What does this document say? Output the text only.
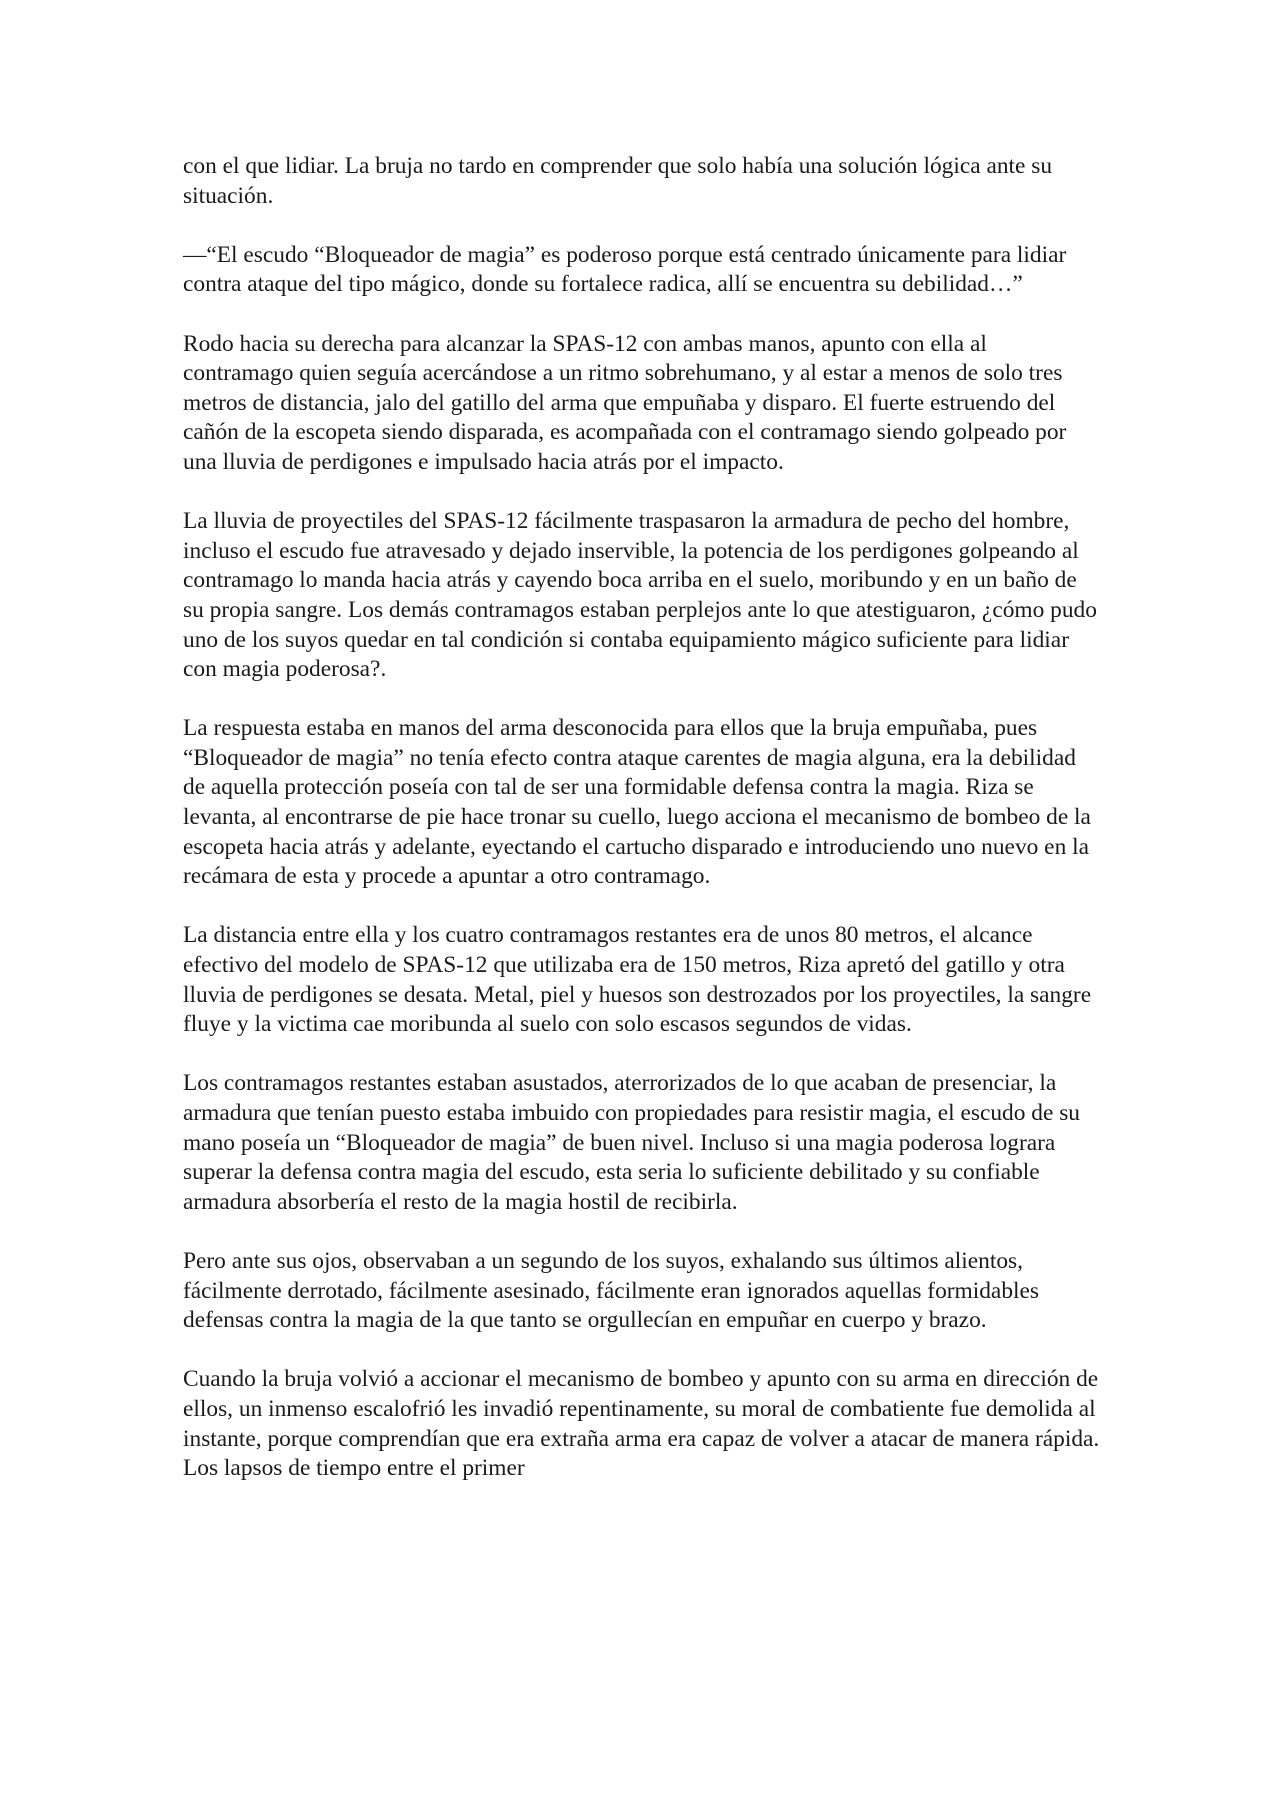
con el que lidiar. La bruja no tardo en comprender que solo había una solución lógica ante su situación.

—“El escudo “Bloqueador de magia” es poderoso porque está centrado únicamente para lidiar contra ataque del tipo mágico, donde su fortalece radica, allí se encuentra su debilidad…”

Rodo hacia su derecha para alcanzar la SPAS-12 con ambas manos, apunto con ella al contramago quien seguía acercándose a un ritmo sobrehumano, y al estar a menos de solo tres metros de distancia, jalo del gatillo del arma que empuñaba y disparo. El fuerte estruendo del cañón de la escopeta siendo disparada, es acompañada con el contramago siendo golpeado por una lluvia de perdigones e impulsado hacia atrás por el impacto.

La lluvia de proyectiles del SPAS-12 fácilmente traspasaron la armadura de pecho del hombre, incluso el escudo fue atravesado y dejado inservible, la potencia de los perdigones golpeando al contramago lo manda hacia atrás y cayendo boca arriba en el suelo, moribundo y en un baño de su propia sangre. Los demás contramagos estaban perplejos ante lo que atestiguaron, ¿cómo pudo uno de los suyos quedar en tal condición si contaba equipamiento mágico suficiente para lidiar con magia poderosa?.

La respuesta estaba en manos del arma desconocida para ellos que la bruja empuñaba, pues “Bloqueador de magia” no tenía efecto contra ataque carentes de magia alguna, era la debilidad de aquella protección poseía con tal de ser una formidable defensa contra la magia. Riza se levanta, al encontrarse de pie hace tronar su cuello, luego acciona el mecanismo de bombeo de la escopeta hacia atrás y adelante, eyectando el cartucho disparado e introduciendo uno nuevo en la recámara de esta y procede a apuntar a otro contramago.

La distancia entre ella y los cuatro contramagos restantes era de unos 80 metros, el alcance efectivo del modelo de SPAS-12 que utilizaba era de 150 metros, Riza apretó del gatillo y otra lluvia de perdigones se desata. Metal, piel y huesos son destrozados por los proyectiles, la sangre fluye y la victima cae moribunda al suelo con solo escasos segundos de vidas.

Los contramagos restantes estaban asustados, aterrorizados de lo que acaban de presenciar, la armadura que tenían puesto estaba imbuido con propiedades para resistir magia, el escudo de su mano poseía un “Bloqueador de magia” de buen nivel. Incluso si una magia poderosa lograra superar la defensa contra magia del escudo, esta seria lo suficiente debilitado y su confiable armadura absorbería el resto de la magia hostil de recibirla.

Pero ante sus ojos, observaban a un segundo de los suyos, exhalando sus últimos alientos, fácilmente derrotado, fácilmente asesinado, fácilmente eran ignorados aquellas formidables defensas contra la magia de la que tanto se orgullecían en empuñar en cuerpo y brazo.

Cuando la bruja volvió a accionar el mecanismo de bombeo y apunto con su arma en dirección de ellos, un inmenso escalofrió les invadió repentinamente, su moral de combatiente fue demolida al instante, porque comprendían que era extraña arma era capaz de volver a atacar de manera rápida. Los lapsos de tiempo entre el primer
